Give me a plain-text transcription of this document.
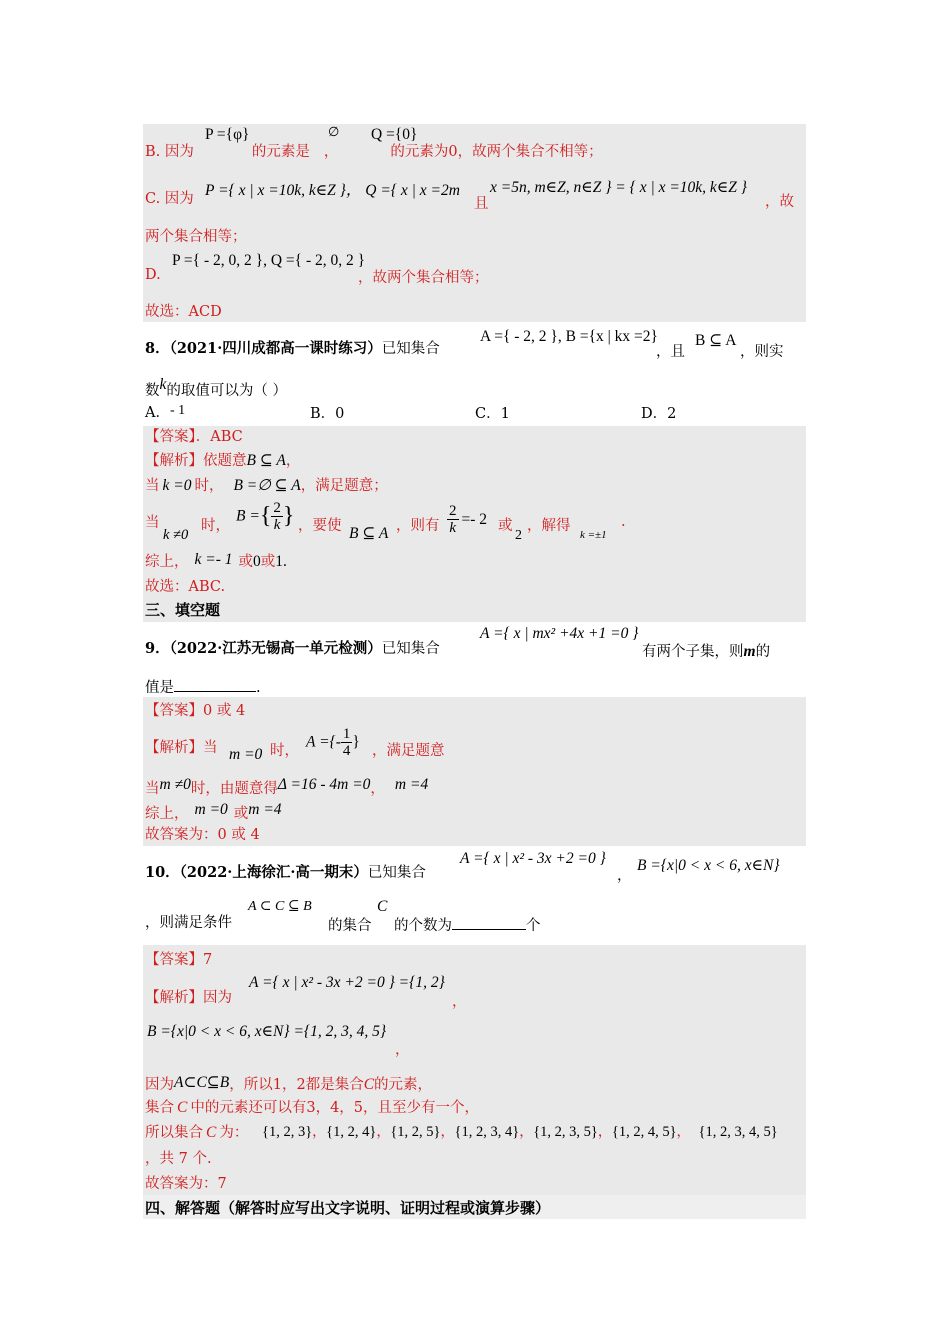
P ={φ}	∅ Q ={0}
B. 因为	的元素是 ，	的元素为0，故两个集合不相等；
C. 因为 P ={ x | x =10k, k∈Z }， Q ={ x | x =2m
且
x =5n, m∈Z, n∈Z } = { x | x =10k, k∈Z }
，故
两个集合相等；
D.
P ={ - 2, 0, 2 }, Q ={ - 2, 0, 2 }
，故两个集合相等；
故选：ACD
8．（2021·四川成都高一课时练习）已知集合
A ={ - 2, 2 }, B ={x | kx =2}
，且
B ⊆ A
，则实
数k的取值可以为（ ）
A．- 1	B．0	C．1	D．2
【答案】．ABC
【解析】依题意B ⊆ A，
当 k =0 时， B =∅ ⊆ A，满足题意；
当
k ≠0
时，
B ={ $\frac{2}{k}$ } ，要使 B ⊆ A ，则有 $\frac{2}{k} =- 2$ 或
2
，解得
k =±1
.
综上， k =- 1 或0或1.
故选：ABC.
三、填空题
9．（2022·江苏无锡高一单元检测）已知集合
A ={ x | mx² +4x +1 =0 }
有两个子集，则m的
值是	.
【答案】0 或 4
【解析】当 m =0 时，
A ={- $\frac{1}{4}$ }
，满足题意
当m ≠0时，由题意得Δ =16 - 4m =0， m =4
综上， m =0 或m =4
故答案为：0 或 4
10．（2022·上海徐汇·高一期末）已知集合
A ={ x | x² - 3x +2 =0 }
，
B ={x|0 < x < 6, x∈N}
，则满足条件
A ⊂ C ⊆ B
的集合
C
的个数为	个
【答案】7
【解析】因为
A ={ x | x² - 3x +2 =0 } ={1, 2}
，
B ={x|0 < x < 6, x∈N} ={1, 2, 3, 4, 5}
，
因为A⊂C⊆B，所以1，2都是集合C的元素，
集合 C 中的元素还可以有3，4，5，且至少有一个，
所以集合 C 为： {1, 2, 3}，{1, 2, 4}，{1, 2, 5}，{1, 2, 3, 4}，{1, 2, 3, 5}，{1, 2, 4, 5}， {1, 2, 3, 4, 5}
，共 7 个.
故答案为：7
四、解答题（解答时应写出文字说明、证明过程或演算步骤）
